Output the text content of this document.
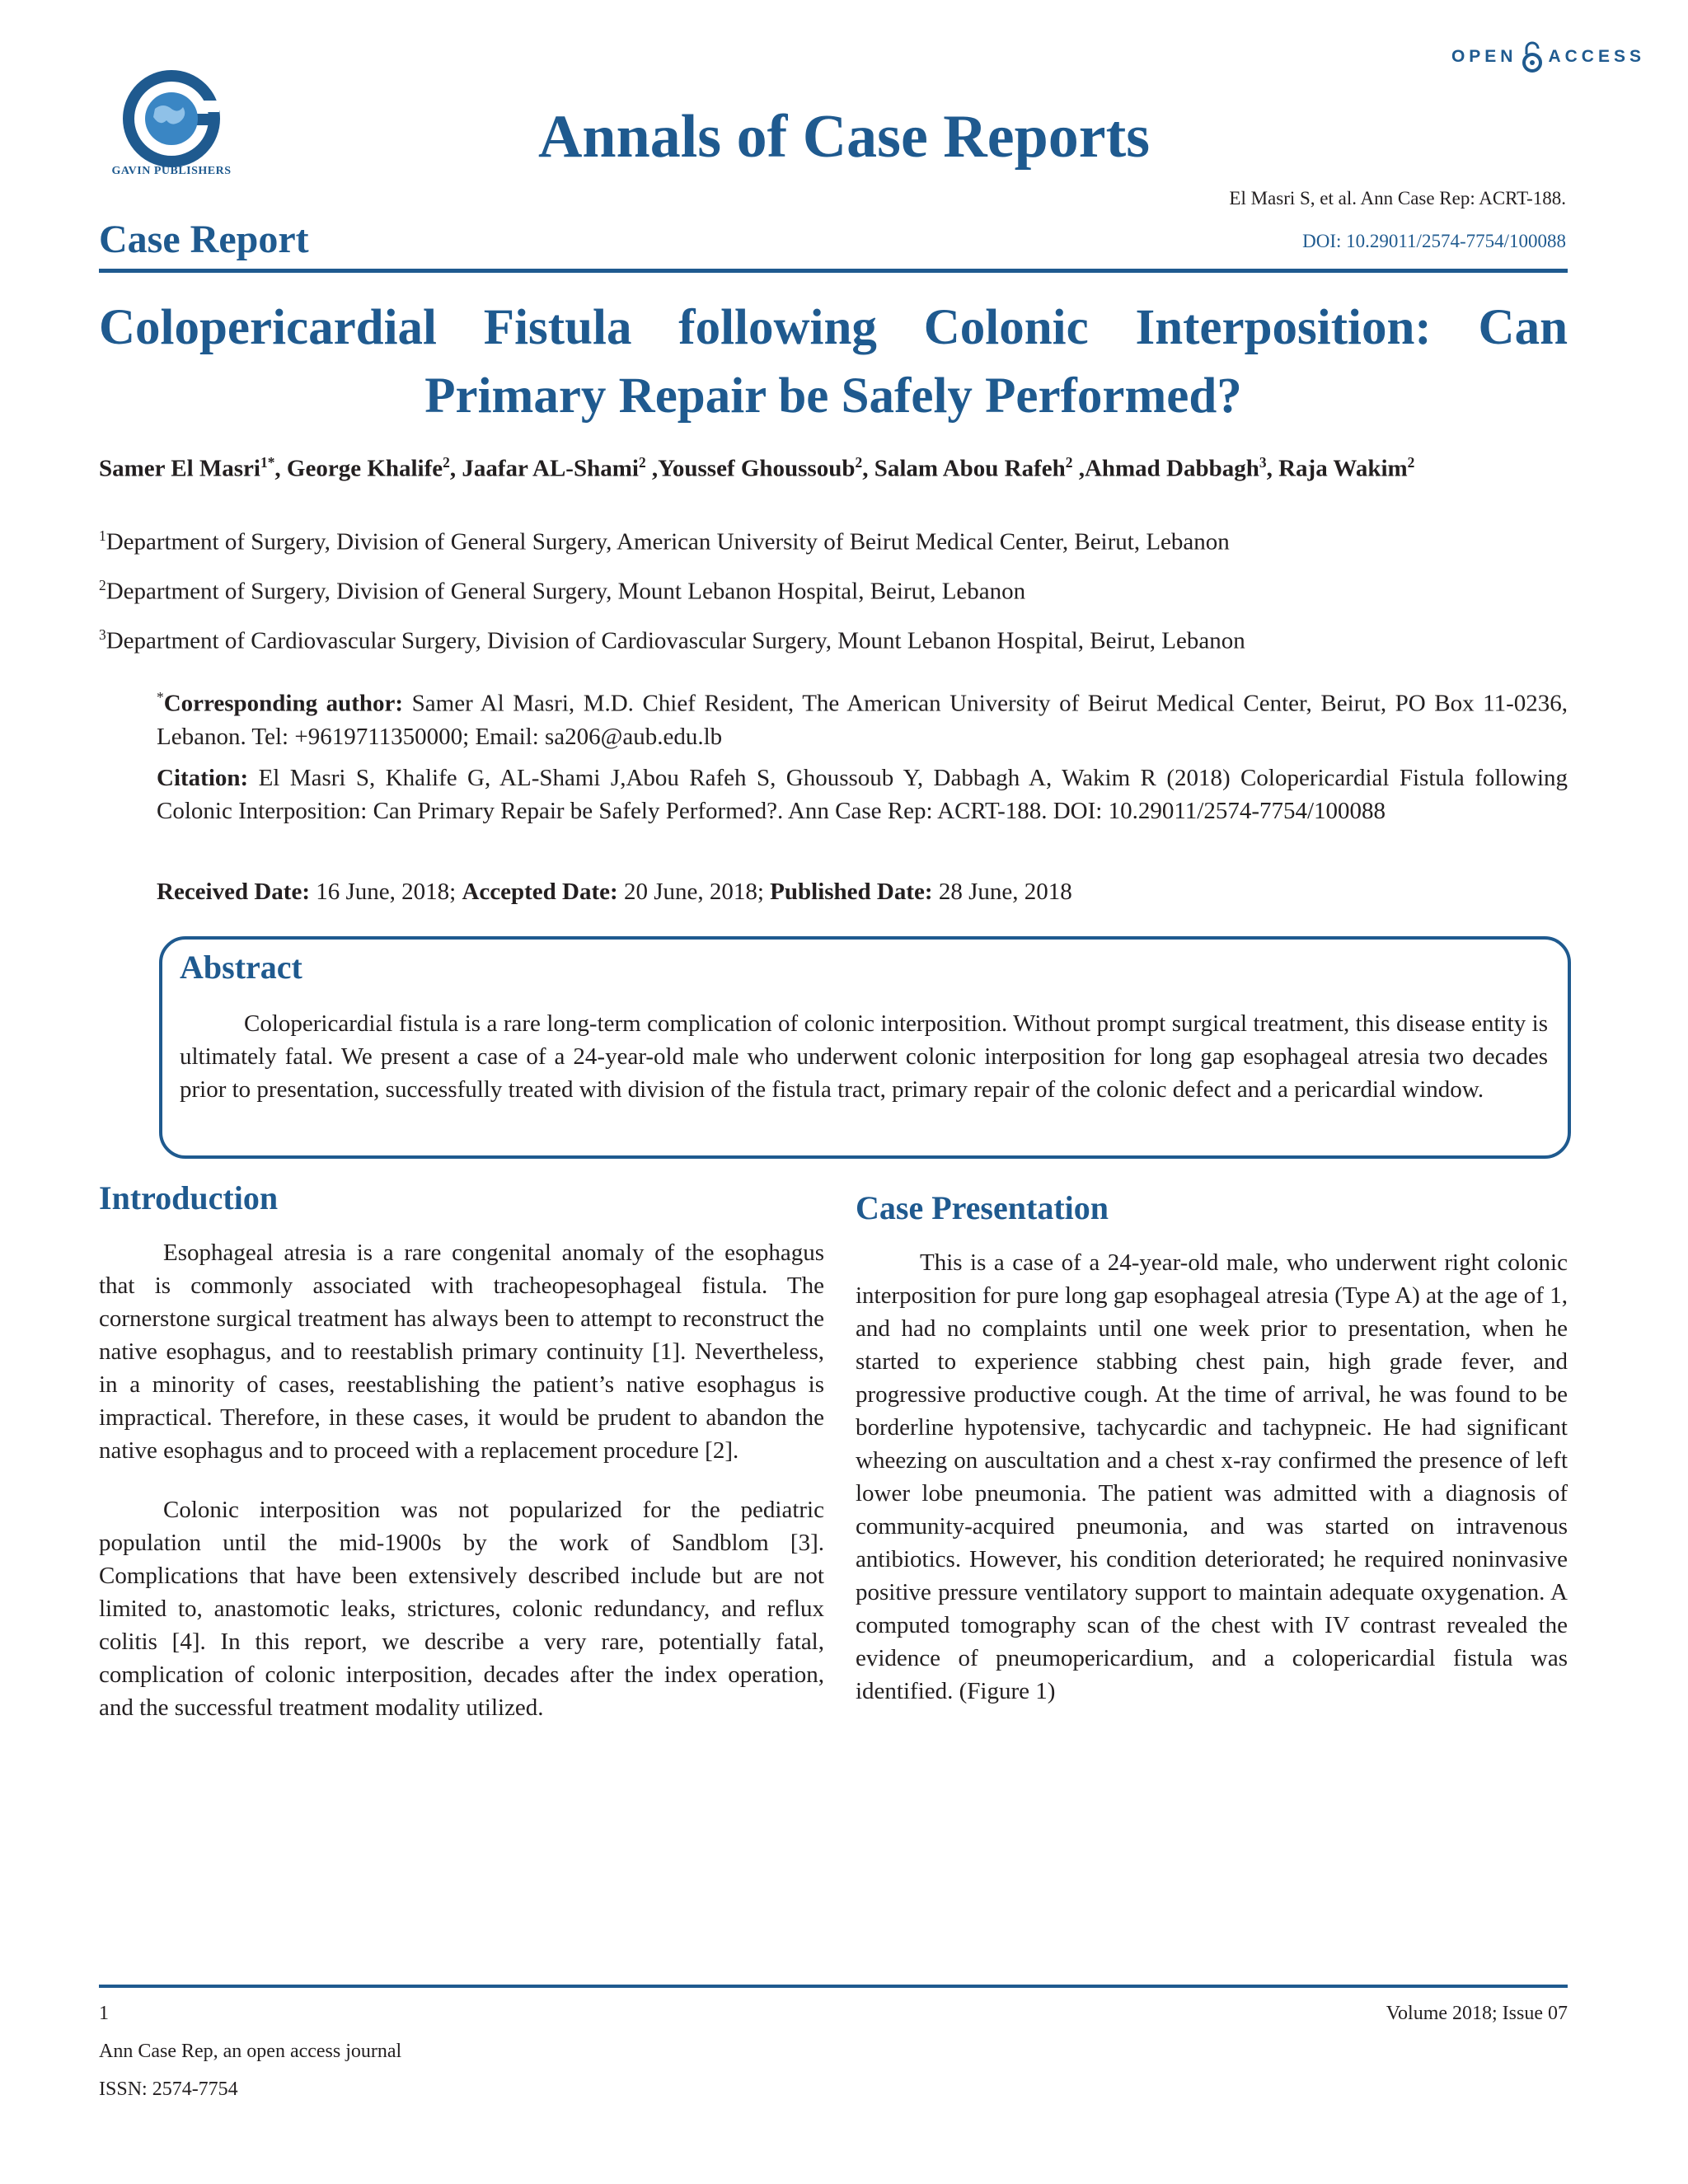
OPEN ACCESS
GAVIN PUBLISHERS
Annals of Case Reports
El Masri S, et al. Ann Case Rep: ACRT-188.
DOI: 10.29011/2574-7754/100088
Case Report
Colopericardial Fistula following Colonic Interposition: Can Primary Repair be Safely Performed?
Samer El Masri$^{1*}$, George Khalife$^2$, Jaafar AL-Shami$^2$ ,Youssef Ghoussoub$^2$, Salam Abou Rafeh$^2$ ,Ahmad Dabbagh$^3$, Raja Wakim$^2$
$^1$Department of Surgery, Division of General Surgery, American University of Beirut Medical Center, Beirut, Lebanon
$^2$Department of Surgery, Division of General Surgery, Mount Lebanon Hospital, Beirut, Lebanon
$^3$Department of Cardiovascular Surgery, Division of Cardiovascular Surgery, Mount Lebanon Hospital, Beirut, Lebanon
*Corresponding author: Samer Al Masri, M.D. Chief Resident, The American University of Beirut Medical Center, Beirut, PO Box 11-0236, Lebanon. Tel: +9619711350000; Email: sa206@aub.edu.lb
Citation: El Masri S, Khalife G, AL-Shami J,Abou Rafeh S, Ghoussoub Y, Dabbagh A, Wakim R (2018) Colopericardial Fistula following Colonic Interposition: Can Primary Repair be Safely Performed?. Ann Case Rep: ACRT-188. DOI: 10.29011/2574-7754/100088
Received Date: 16 June, 2018; Accepted Date: 20 June, 2018; Published Date: 28 June, 2018
Abstract

Colopericardial fistula is a rare long-term complication of colonic interposition. Without prompt surgical treatment, this disease entity is ultimately fatal. We present a case of a 24-year-old male who underwent colonic interposition for long gap esophageal atresia two decades prior to presentation, successfully treated with division of the fistula tract, primary repair of the colonic defect and a pericardial window.

Introduction

Esophageal atresia is a rare congenital anomaly of the esophagus that is commonly associated with tracheopesophageal fistula. The cornerstone surgical treatment has always been to attempt to reconstruct the native esophagus, and to reestablish primary continuity [1]. Nevertheless, in a minority of cases, reestablishing the patient’s native esophagus is impractical. Therefore, in these cases, it would be prudent to abandon the native esophagus and to proceed with a replacement procedure [2].

Colonic interposition was not popularized for the pediatric population until the mid-1900s by the work of Sandblom [3]. Complications that have been extensively described include but are not limited to, anastomotic leaks, strictures, colonic redundancy, and reflux colitis [4]. In this report, we describe a very rare, potentially fatal, complication of colonic interposition, decades after the index operation, and the successful treatment modality utilized.

Case Presentation

This is a case of a 24-year-old male, who underwent right colonic interposition for pure long gap esophageal atresia (Type A) at the age of 1, and had no complaints until one week prior to presentation, when he started to experience stabbing chest pain, high grade fever, and progressive productive cough. At the time of arrival, he was found to be borderline hypotensive, tachycardic and tachypneic. He had significant wheezing on auscultation and a chest x-ray confirmed the presence of left lower lobe pneumonia. The patient was admitted with a diagnosis of community-acquired pneumonia, and was started on intravenous antibiotics. However, his condition deteriorated; he required noninvasive positive pressure ventilatory support to maintain adequate oxygenation. A computed tomography scan of the chest with IV contrast revealed the evidence of pneumopericardium, and a colopericardial fistula was identified. (Figure 1)

1	Volume 2018; Issue 07
Ann Case Rep, an open access journal
ISSN: 2574-7754
